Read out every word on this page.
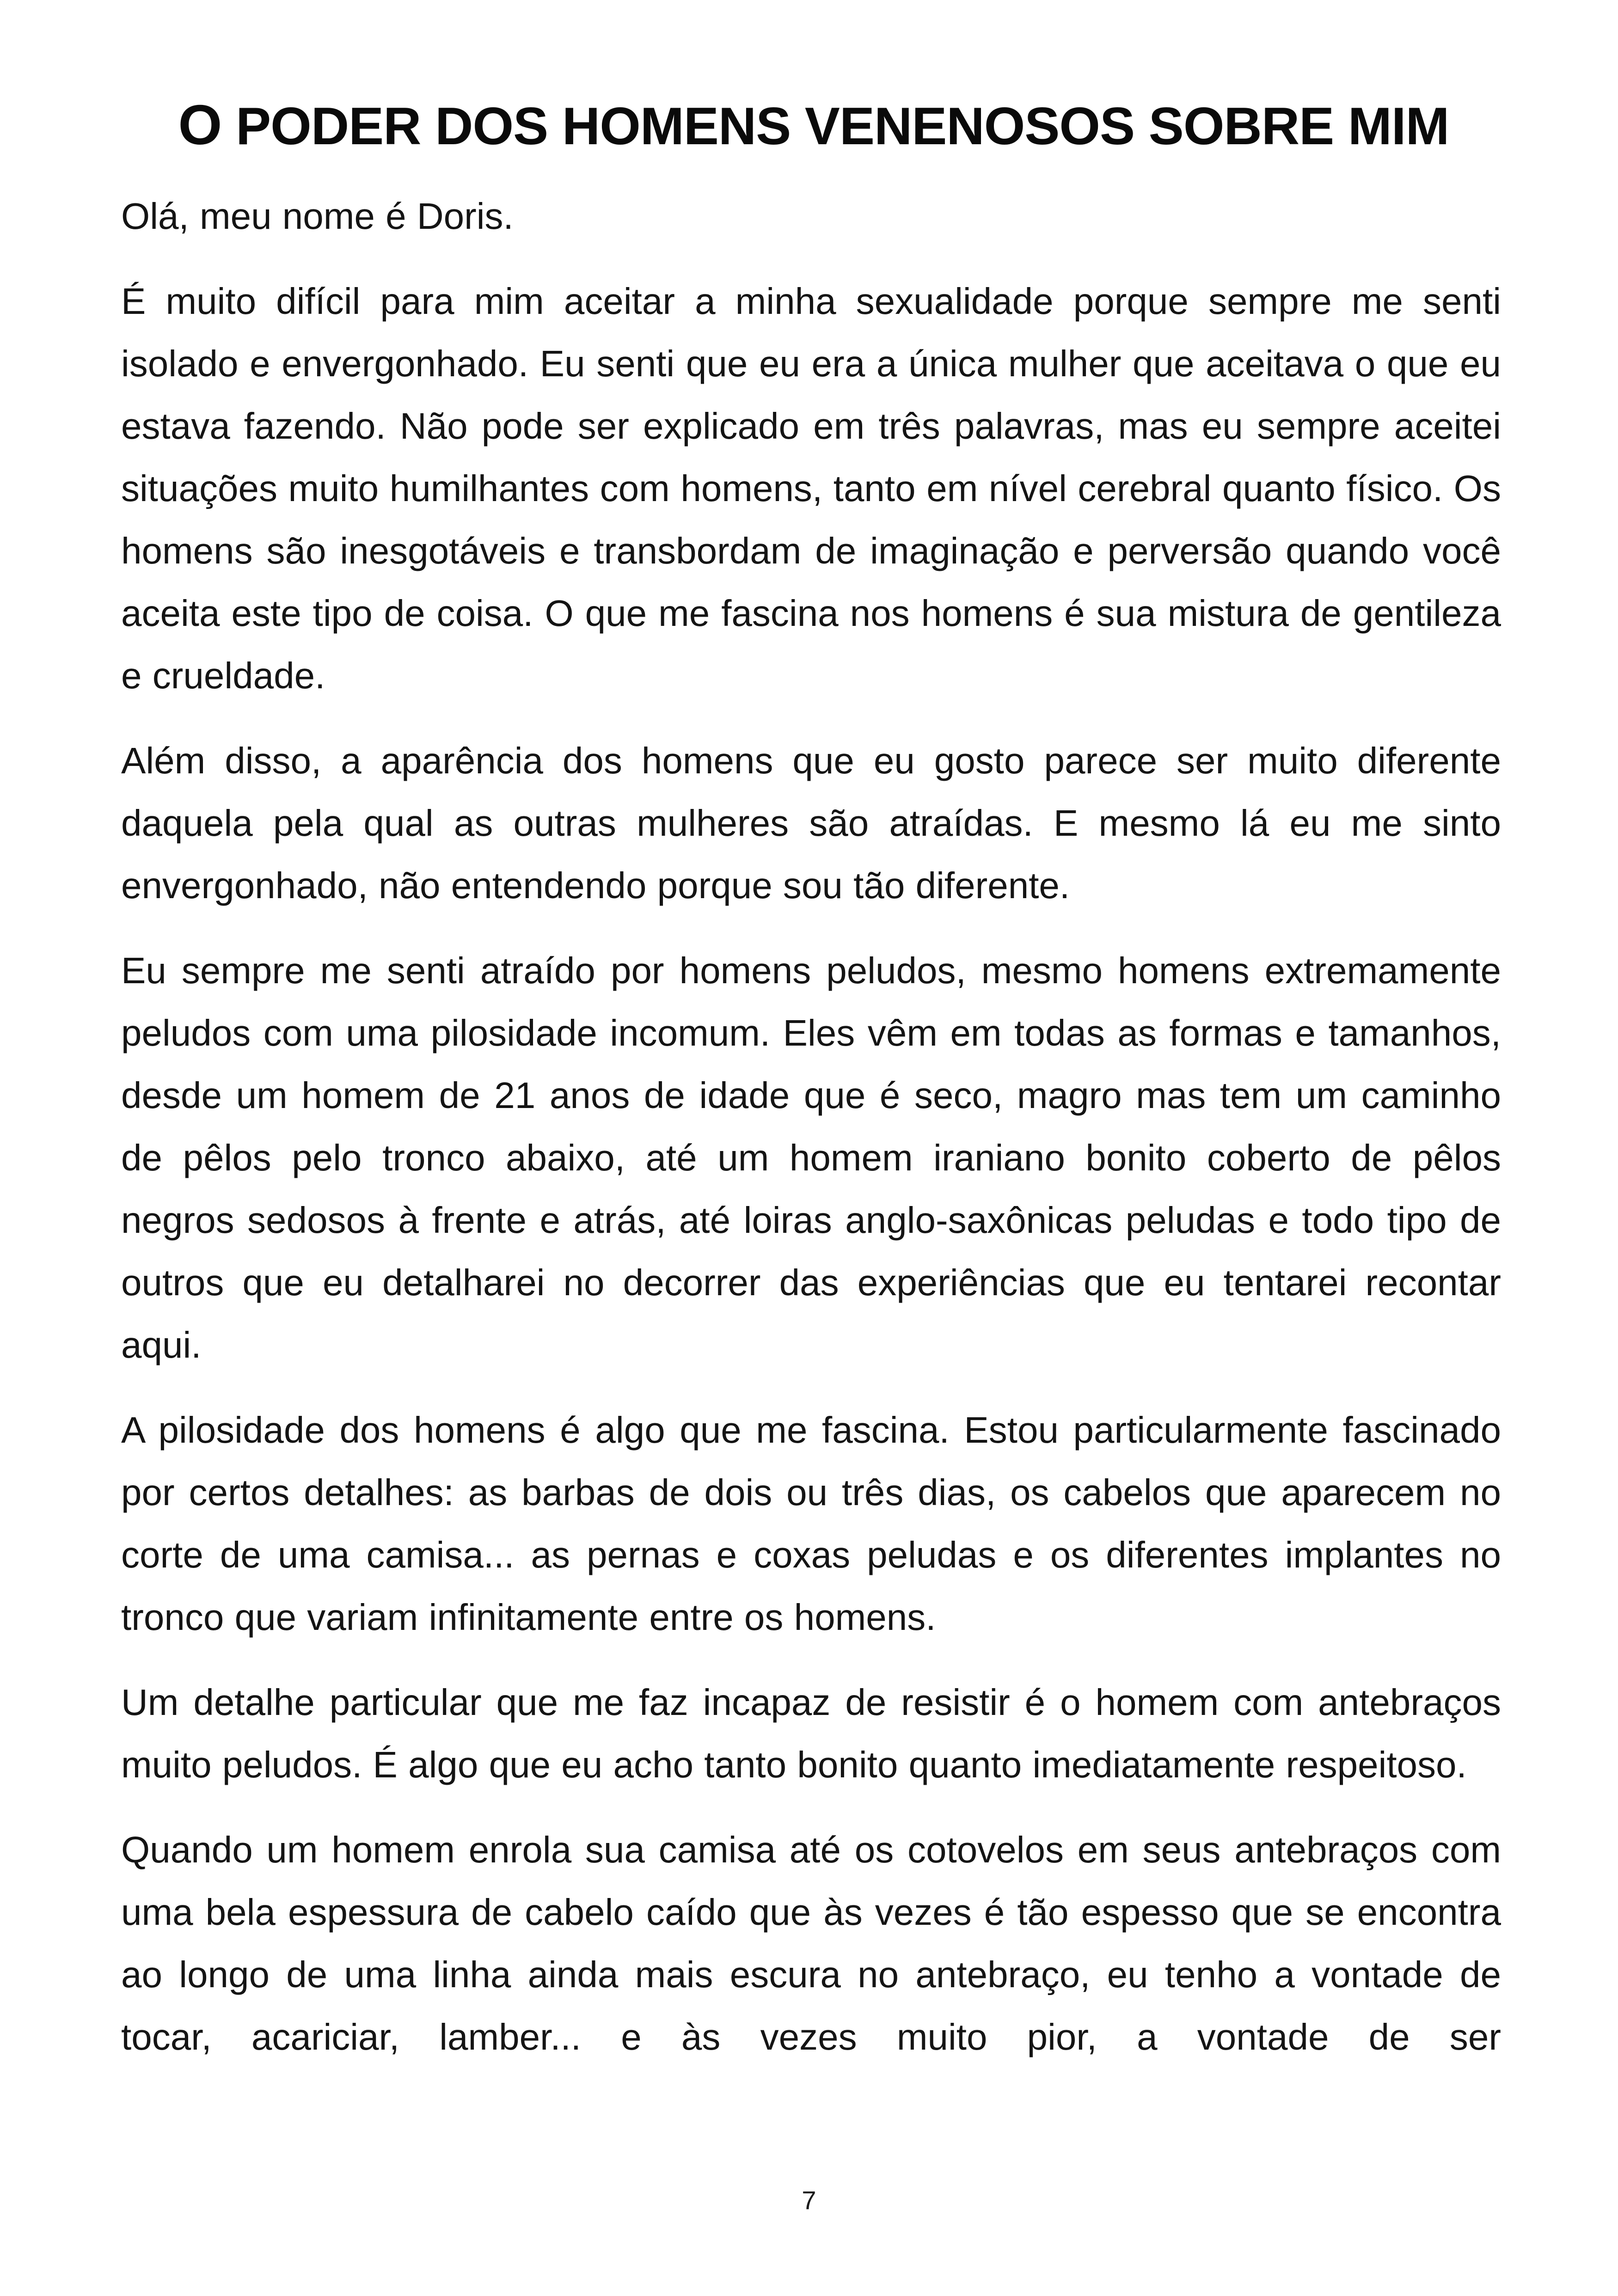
O PODER DOS HOMENS VENENOSOS SOBRE MIM

Olá, meu nome é Doris.

É muito difícil para mim aceitar a minha sexualidade porque sempre me senti isolado e envergonhado. Eu senti que eu era a única mulher que aceitava o que eu estava fazendo. Não pode ser explicado em três palavras, mas eu sempre aceitei situações muito humilhantes com homens, tanto em nível cerebral quanto físico. Os homens são inesgotáveis e transbordam de imaginação e perversão quando você aceita este tipo de coisa. O que me fascina nos homens é sua mistura de gentileza e crueldade.

Além disso, a aparência dos homens que eu gosto parece ser muito diferente daquela pela qual as outras mulheres são atraídas. E mesmo lá eu me sinto envergonhado, não entendendo porque sou tão diferente.

Eu sempre me senti atraído por homens peludos, mesmo homens extremamente peludos com uma pilosidade incomum. Eles vêm em todas as formas e tamanhos, desde um homem de 21 anos de idade que é seco, magro mas tem um caminho de pêlos pelo tronco abaixo, até um homem iraniano bonito coberto de pêlos negros sedosos à frente e atrás, até loiras anglo-saxônicas peludas e todo tipo de outros que eu detalharei no decorrer das experiências que eu tentarei recontar aqui.

A pilosidade dos homens é algo que me fascina. Estou particularmente fascinado por certos detalhes: as barbas de dois ou três dias, os cabelos que aparecem no corte de uma camisa... as pernas e coxas peludas e os diferentes implantes no tronco que variam infinitamente entre os homens.

Um detalhe particular que me faz incapaz de resistir é o homem com antebraços muito peludos. É algo que eu acho tanto bonito quanto imediatamente respeitoso.

Quando um homem enrola sua camisa até os cotovelos em seus antebraços com uma bela espessura de cabelo caído que às vezes é tão espesso que se encontra ao longo de uma linha ainda mais escura no antebraço, eu tenho a vontade de tocar, acariciar, lamber... e às vezes muito pior, a vontade de ser

7
